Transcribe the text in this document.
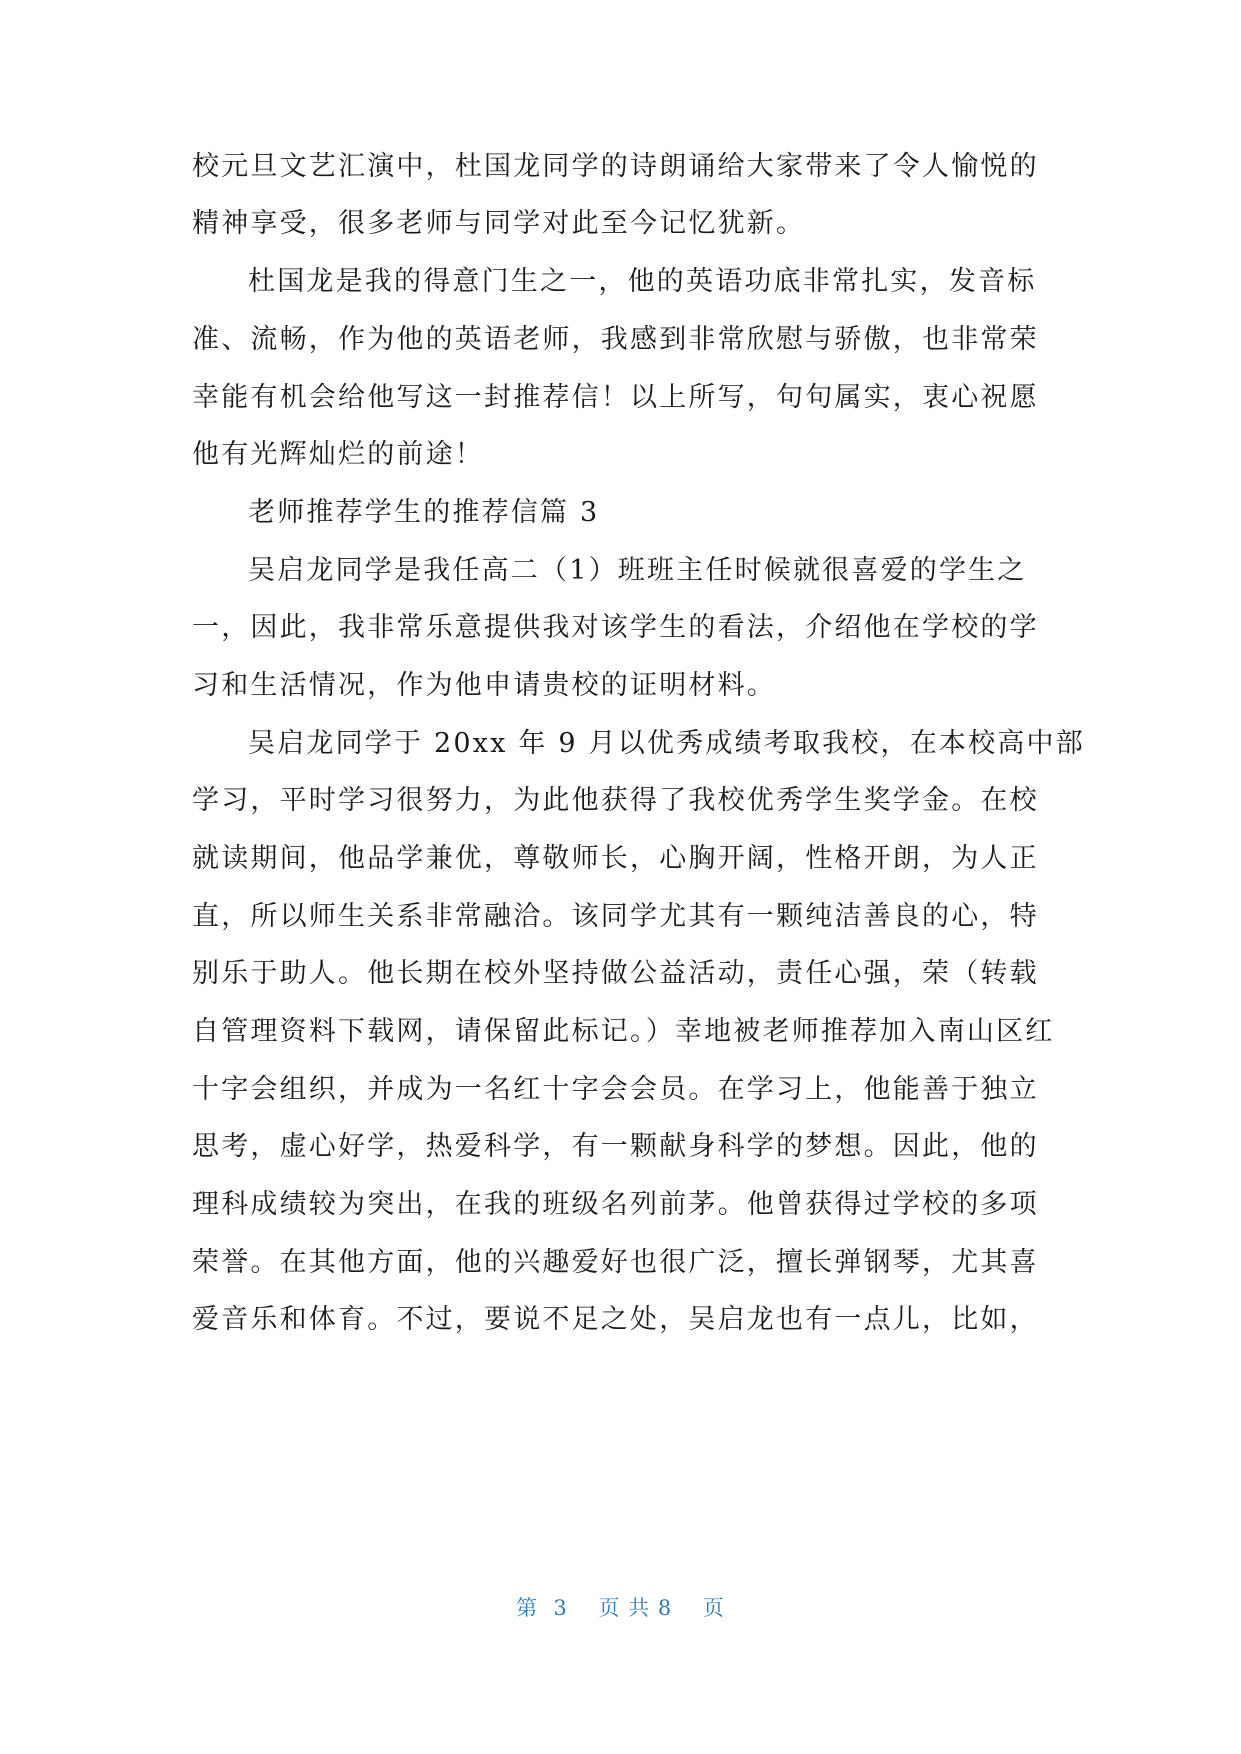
校元旦文艺汇演中，杜国龙同学的诗朗诵给大家带来了令人愉悦的

精神享受，很多老师与同学对此至今记忆犹新。

杜国龙是我的得意门生之一，他的英语功底非常扎实，发音标

准、流畅，作为他的英语老师，我感到非常欣慰与骄傲，也非常荣

幸能有机会给他写这一封推荐信！以上所写，句句属实，衷心祝愿

他有光辉灿烂的前途！

老师推荐学生的推荐信篇 3

吴启龙同学是我任高二（1）班班主任时候就很喜爱的学生之

一，因此，我非常乐意提供我对该学生的看法，介绍他在学校的学

习和生活情况，作为他申请贵校的证明材料。

吴启龙同学于 20xx 年 9 月以优秀成绩考取我校，在本校高中部

学习，平时学习很努力，为此他获得了我校优秀学生奖学金。在校

就读期间，他品学兼优，尊敬师长，心胸开阔，性格开朗，为人正

直，所以师生关系非常融洽。该同学尤其有一颗纯洁善良的心，特

别乐于助人。他长期在校外坚持做公益活动，责任心强，荣（转载

自管理资料下载网，请保留此标记。）幸地被老师推荐加入南山区红

十字会组织，并成为一名红十字会会员。在学习上，他能善于独立

思考，虚心好学，热爱科学，有一颗献身科学的梦想。因此，他的

理科成绩较为突出，在我的班级名列前茅。他曾获得过学校的多项

荣誉。在其他方面，他的兴趣爱好也很广泛，擅长弹钢琴，尤其喜

爱音乐和体育。不过，要说不足之处，吴启龙也有一点儿，比如，

第  3    页 共 8    页
